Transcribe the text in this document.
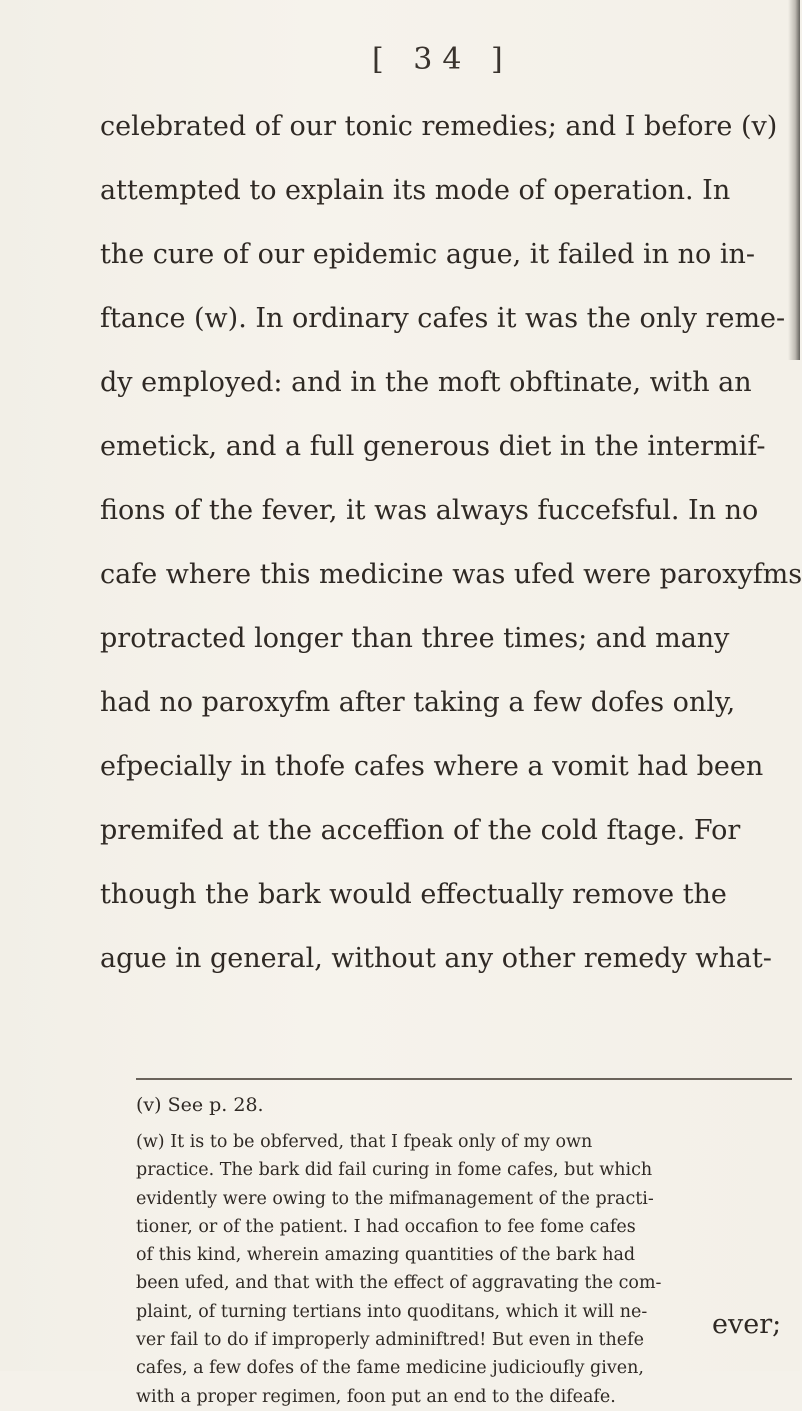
[ 34 ]
celebrated of our tonic remedies; and I before (v)
attempted to explain its mode of operation. In
the cure of our epidemic ague, it failed in no in-
ftance (w). In ordinary cafes it was the only reme-
dy employed: and in the moft obftinate, with an
emetick, and a full generous diet in the intermif-
fions of the fever, it was always fuccefsful. In no
cafe where this medicine was ufed were paroxyfms
protracted longer than three times; and many
had no paroxyfm after taking a few dofes only,
efpecially in thofe cafes where a vomit had been
premifed at the acceffion of the cold ftage. For
though the bark would effectually remove the
ague in general, without any other remedy what-
(v) See p. 28.
(w) It is to be obferved, that I fpeak only of my own
practice. The bark did fail curing in fome cafes, but which
evidently were owing to the mifmanagement of the practi-
tioner, or of the patient. I had occafion to fee fome cafes
of this kind, wherein amazing quantities of the bark had
been ufed, and that with the effect of aggravating the com-
plaint, of turning tertians into quoditans, which it will ne-
ver fail to do if improperly adminiftred! But even in thefe
cafes, a few dofes of the fame medicine judicioufly given,
with a proper regimen, foon put an end to the difeafe.
ever;
